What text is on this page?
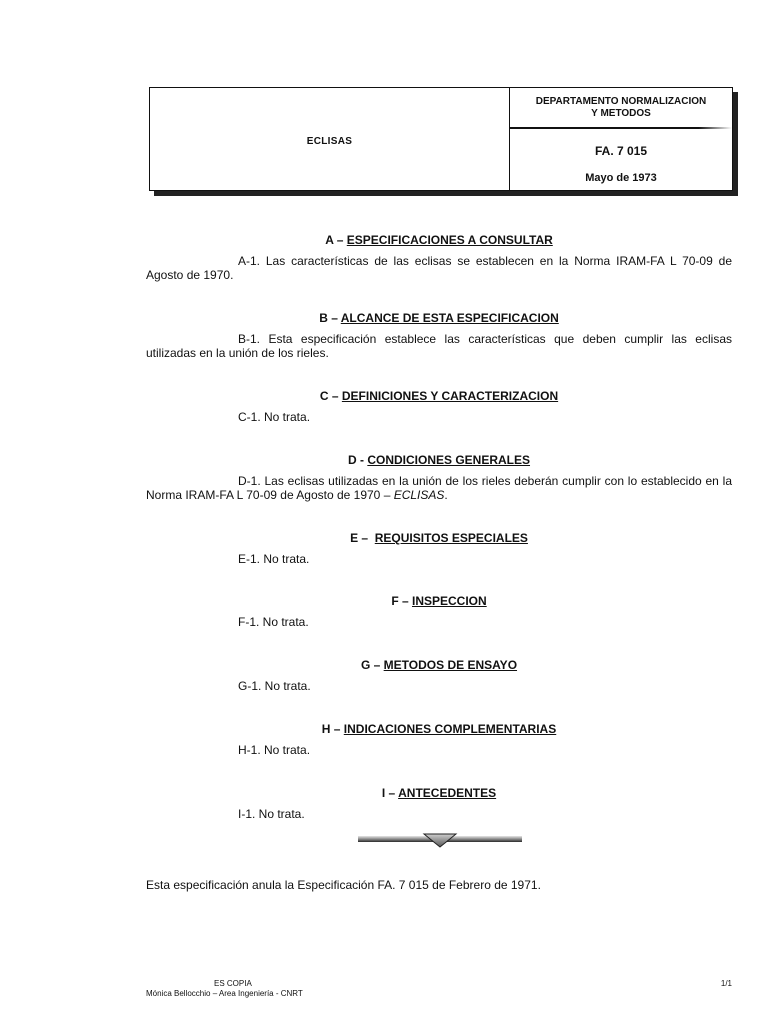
ECLISAS
DEPARTAMENTO NORMALIZACION
Y METODOS
FA. 7 015
Mayo de 1973

A – ESPECIFICACIONES A CONSULTAR

A-1. Las características de las eclisas se establecen en la Norma IRAM-FA L 70-09 de Agosto de 1970.

B – ALCANCE DE ESTA ESPECIFICACION

B-1. Esta especificación establece las características que deben cumplir las eclisas utilizadas en la unión de los rieles.

C – DEFINICIONES Y CARACTERIZACION

C-1. No trata.

D - CONDICIONES GENERALES

D-1. Las eclisas utilizadas en la unión de los rieles deberán cumplir con lo establecido en la Norma IRAM-FA L 70-09 de Agosto de 1970 – ECLISAS.

E –  REQUISITOS ESPECIALES

E-1. No trata.

F – INSPECCION

F-1. No trata.

G – METODOS DE ENSAYO

G-1. No trata.

H – INDICACIONES COMPLEMENTARIAS

H-1. No trata.

I – ANTECEDENTES

I-1. No trata.

Esta especificación anula la Especificación FA. 7 015 de Febrero de 1971.
ES COPIA
Mónica Bellocchio – Area Ingeniería - CNRT
1/1
